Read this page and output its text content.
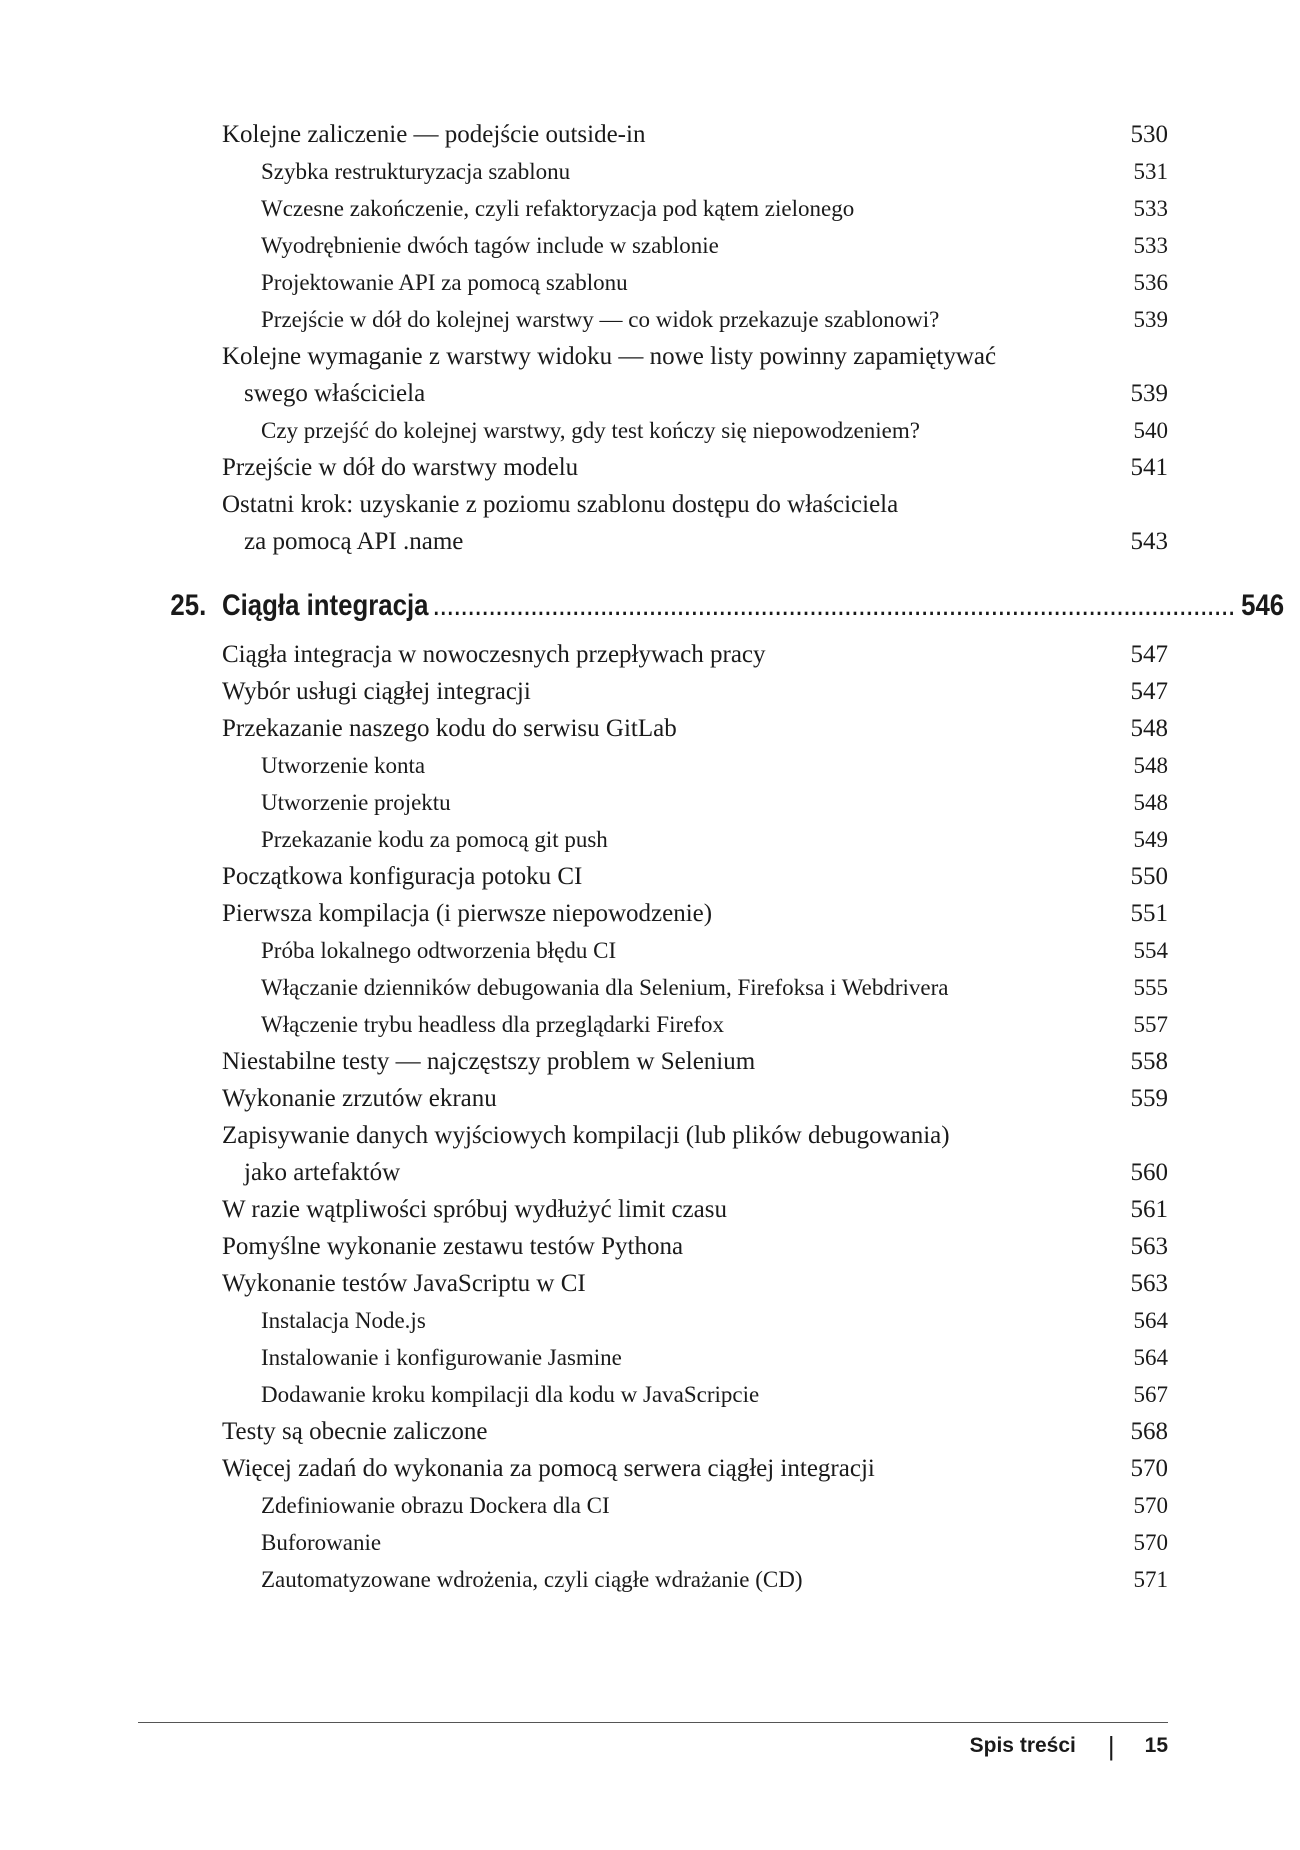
Kolejne zaliczenie — podejście outside-in	530
Szybka restrukturyzacja szablonu	531
Wczesne zakończenie, czyli refaktoryzacja pod kątem zielonego	533
Wyodrębnienie dwóch tagów include w szablonie	533
Projektowanie API za pomocą szablonu	536
Przejście w dół do kolejnej warstwy — co widok przekazuje szablonowi?	539
Kolejne wymaganie z warstwy widoku — nowe listy powinny zapamiętywać
swego właściciela	539
Czy przejść do kolejnej warstwy, gdy test kończy się niepowodzeniem?	540
Przejście w dół do warstwy modelu	541
Ostatni krok: uzyskanie z poziomu szablonu dostępu do właściciela
za pomocą API .name	543
25. Ciągła integracja ................................................................................................................... 546
Ciągła integracja w nowoczesnych przepływach pracy	547
Wybór usługi ciągłej integracji	547
Przekazanie naszego kodu do serwisu GitLab	548
Utworzenie konta	548
Utworzenie projektu	548
Przekazanie kodu za pomocą git push	549
Początkowa konfiguracja potoku CI	550
Pierwsza kompilacja (i pierwsze niepowodzenie)	551
Próba lokalnego odtworzenia błędu CI	554
Włączanie dzienników debugowania dla Selenium, Firefoksa i Webdrivera	555
Włączenie trybu headless dla przeglądarki Firefox	557
Niestabilne testy — najczęstszy problem w Selenium	558
Wykonanie zrzutów ekranu	559
Zapisywanie danych wyjściowych kompilacji (lub plików debugowania)
jako artefaktów	560
W razie wątpliwości spróbuj wydłużyć limit czasu	561
Pomyślne wykonanie zestawu testów Pythona	563
Wykonanie testów JavaScriptu w CI	563
Instalacja Node.js	564
Instalowanie i konfigurowanie Jasmine	564
Dodawanie kroku kompilacji dla kodu w JavaScripcie	567
Testy są obecnie zaliczone	568
Więcej zadań do wykonania za pomocą serwera ciągłej integracji	570
Zdefiniowanie obrazu Dockera dla CI	570
Buforowanie	570
Zautomatyzowane wdrożenia, czyli ciągłe wdrażanie (CD)	571
Spis treści | 15
